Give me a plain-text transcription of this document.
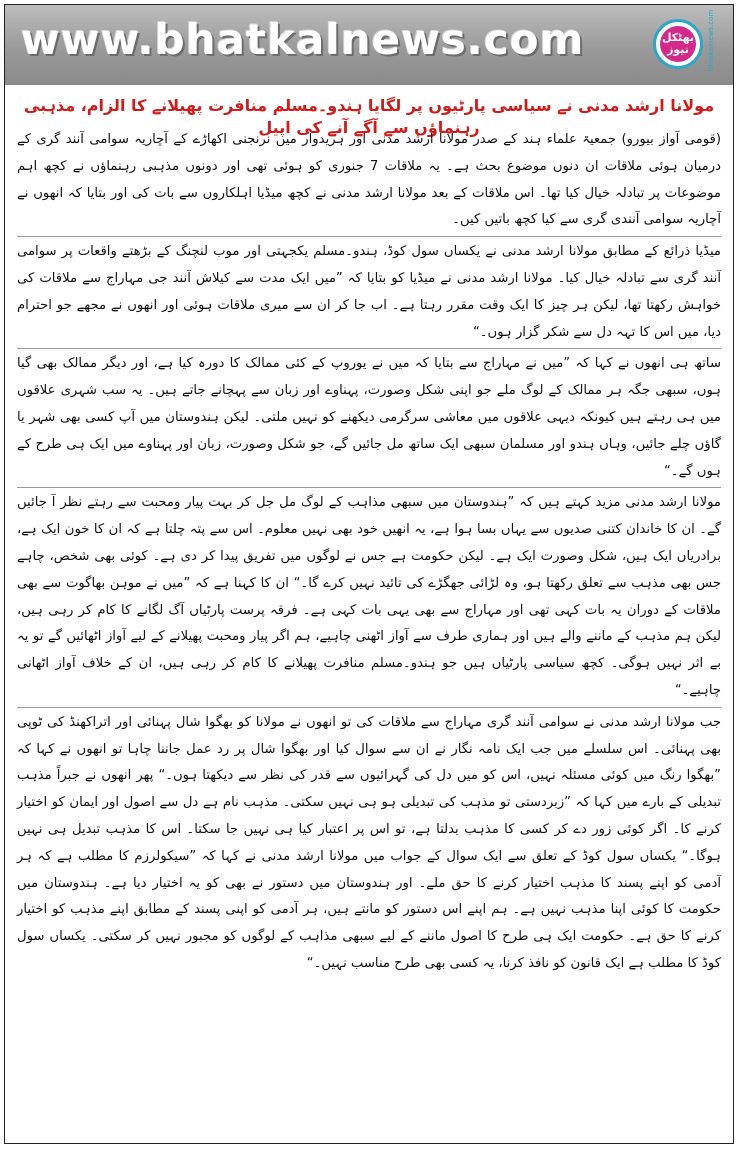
www.bhatkalnews.com	bhatkalnews.com
بھٹکل نیوز
مولانا ارشد مدنی نے سیاسی پارٹیوں پر لگایا ہندو۔مسلم منافرت پھیلانے کا الزام، مذہبی رہنماؤں سے آگے آنے کی اپیل

(قومی آواز بیورو) جمعیۃ علماء ہند کے صدر مولانا ارشد مدنی اور ہریدوار میں نرنجنی اکھاڑے کے آچاریہ سوامی آنند گری کے درمیان ہوئی ملاقات ان دنوں موضوع بحث ہے۔ یہ ملاقات 7 جنوری کو ہوئی تھی اور دونوں مذہبی رہنماؤں نے کچھ اہم موضوعات پر تبادلہ خیال کیا تھا۔ اس ملاقات کے بعد مولانا ارشد مدنی نے کچھ میڈیا اہلکاروں سے بات کی اور بتایا کہ انھوں نے آچاریہ سوامی آنندی گری سے کیا کچھ باتیں کیں۔

میڈیا ذرائع کے مطابق مولانا ارشد مدنی نے یکساں سول کوڈ، ہندو۔مسلم یکجہتی اور موب لنچنگ کے بڑھتے واقعات پر سوامی آنند گری سے تبادلہ خیال کیا۔ مولانا ارشد مدنی نے میڈیا کو بتایا کہ ”میں ایک مدت سے کیلاش آنند جی مہاراج سے ملاقات کی خواہش رکھتا تھا، لیکن ہر چیز کا ایک وقت مقرر رہتا ہے۔ اب جا کر ان سے میری ملاقات ہوئی اور انھوں نے مجھے جو احترام دیا، میں اس کا تہہ دل سے شکر گزار ہوں۔“

ساتھ ہی انھوں نے کہا کہ ”میں نے مہاراج سے بتایا کہ میں نے یوروپ کے کئی ممالک کا دورہ کیا ہے، اور دیگر ممالک بھی گیا ہوں، سبھی جگہ ہر ممالک کے لوگ ملے جو اپنی شکل وصورت، پہناوے اور زبان سے پہچانے جاتے ہیں۔ یہ سب شہری علاقوں میں ہی رہتے ہیں کیونکہ دیہی علاقوں میں معاشی سرگرمی دیکھنے کو نہیں ملتی۔ لیکن ہندوستان میں آپ کسی بھی شہر یا گاؤں چلے جائیں، وہاں ہندو اور مسلمان سبھی ایک ساتھ مل جائیں گے، جو شکل وصورت، زبان اور پہناوے میں ایک ہی طرح کے ہوں گے۔“

مولانا ارشد مدنی مزید کہتے ہیں کہ ”ہندوستان میں سبھی مذاہب کے لوگ مل جل کر بہت پیار ومحبت سے رہتے نظر آ جائیں گے۔ ان کا خاندان کتنی صدیوں سے یہاں بسا ہوا ہے، یہ انھیں خود بھی نہیں معلوم۔ اس سے پتہ چلتا ہے کہ ان کا خون ایک ہے، برادریاں ایک ہیں، شکل وصورت ایک ہے۔ لیکن حکومت ہے جس نے لوگوں میں تفریق پیدا کر دی ہے۔ کوئی بھی شخص، چاہے جس بھی مذہب سے تعلق رکھتا ہو، وہ لڑائی جھگڑے کی تائید نہیں کرے گا۔“ ان کا کہنا ہے کہ ”میں نے موہن بھاگوت سے بھی ملاقات کے دوران یہ بات کہی تھی اور مہاراج سے بھی یہی بات کہی ہے۔ فرقہ پرست پارٹیاں آگ لگانے کا کام کر رہی ہیں، لیکن ہم مذہب کے ماننے والے ہیں اور ہماری طرف سے آواز اٹھنی چاہیے، ہم اگر پیار ومحبت پھیلانے کے لیے آواز اٹھائیں گے تو یہ بے اثر نہیں ہوگی۔ کچھ سیاسی پارٹیاں ہیں جو ہندو۔مسلم منافرت پھیلانے کا کام کر رہی ہیں، ان کے خلاف آواز اٹھانی چاہیے۔“

جب مولانا ارشد مدنی نے سوامی آنند گری مہاراج سے ملاقات کی تو انھوں نے مولانا کو بھگوا شال پہنائی اور اتراکھنڈ کی ٹوپی بھی پہنائی۔ اس سلسلے میں جب ایک نامہ نگار نے ان سے سوال کیا اور بھگوا شال پر رد عمل جاننا چاہا تو انھوں نے کہا کہ ”بھگوا رنگ میں کوئی مسئلہ نہیں، اس کو میں دل کی گہرائیوں سے قدر کی نظر سے دیکھتا ہوں۔“ پھر انھوں نے جبراً مذہب تبدیلی کے بارے میں کہا کہ ”زبردستی تو مذہب کی تبدیلی ہو ہی نہیں سکتی۔ مذہب نام ہے دل سے اصول اور ایمان کو اختیار کرنے کا۔ اگر کوئی زور دے کر کسی کا مذہب بدلتا ہے، تو اس پر اعتبار کیا ہی نہیں جا سکتا۔ اس کا مذہب تبدیل ہی نہیں ہوگا۔“ یکساں سول کوڈ کے تعلق سے ایک سوال کے جواب میں مولانا ارشد مدنی نے کہا کہ ”سیکولرزم کا مطلب ہے کہ ہر آدمی کو اپنے پسند کا مذہب اختیار کرنے کا حق ملے۔ اور ہندوستان میں دستور نے بھی کو یہ اختیار دیا ہے۔ ہندوستان میں حکومت کا کوئی اپنا مذہب نہیں ہے۔ ہم اپنے اس دستور کو مانتے ہیں، ہر آدمی کو اپنی پسند کے مطابق اپنے مذہب کو اختیار کرنے کا حق ہے۔ حکومت ایک ہی طرح کا اصول ماننے کے لیے سبھی مذاہب کے لوگوں کو مجبور نہیں کر سکتی۔ یکساں سول کوڈ کا مطلب ہے ایک قانون کو نافذ کرنا، یہ کسی بھی طرح مناسب نہیں۔“
